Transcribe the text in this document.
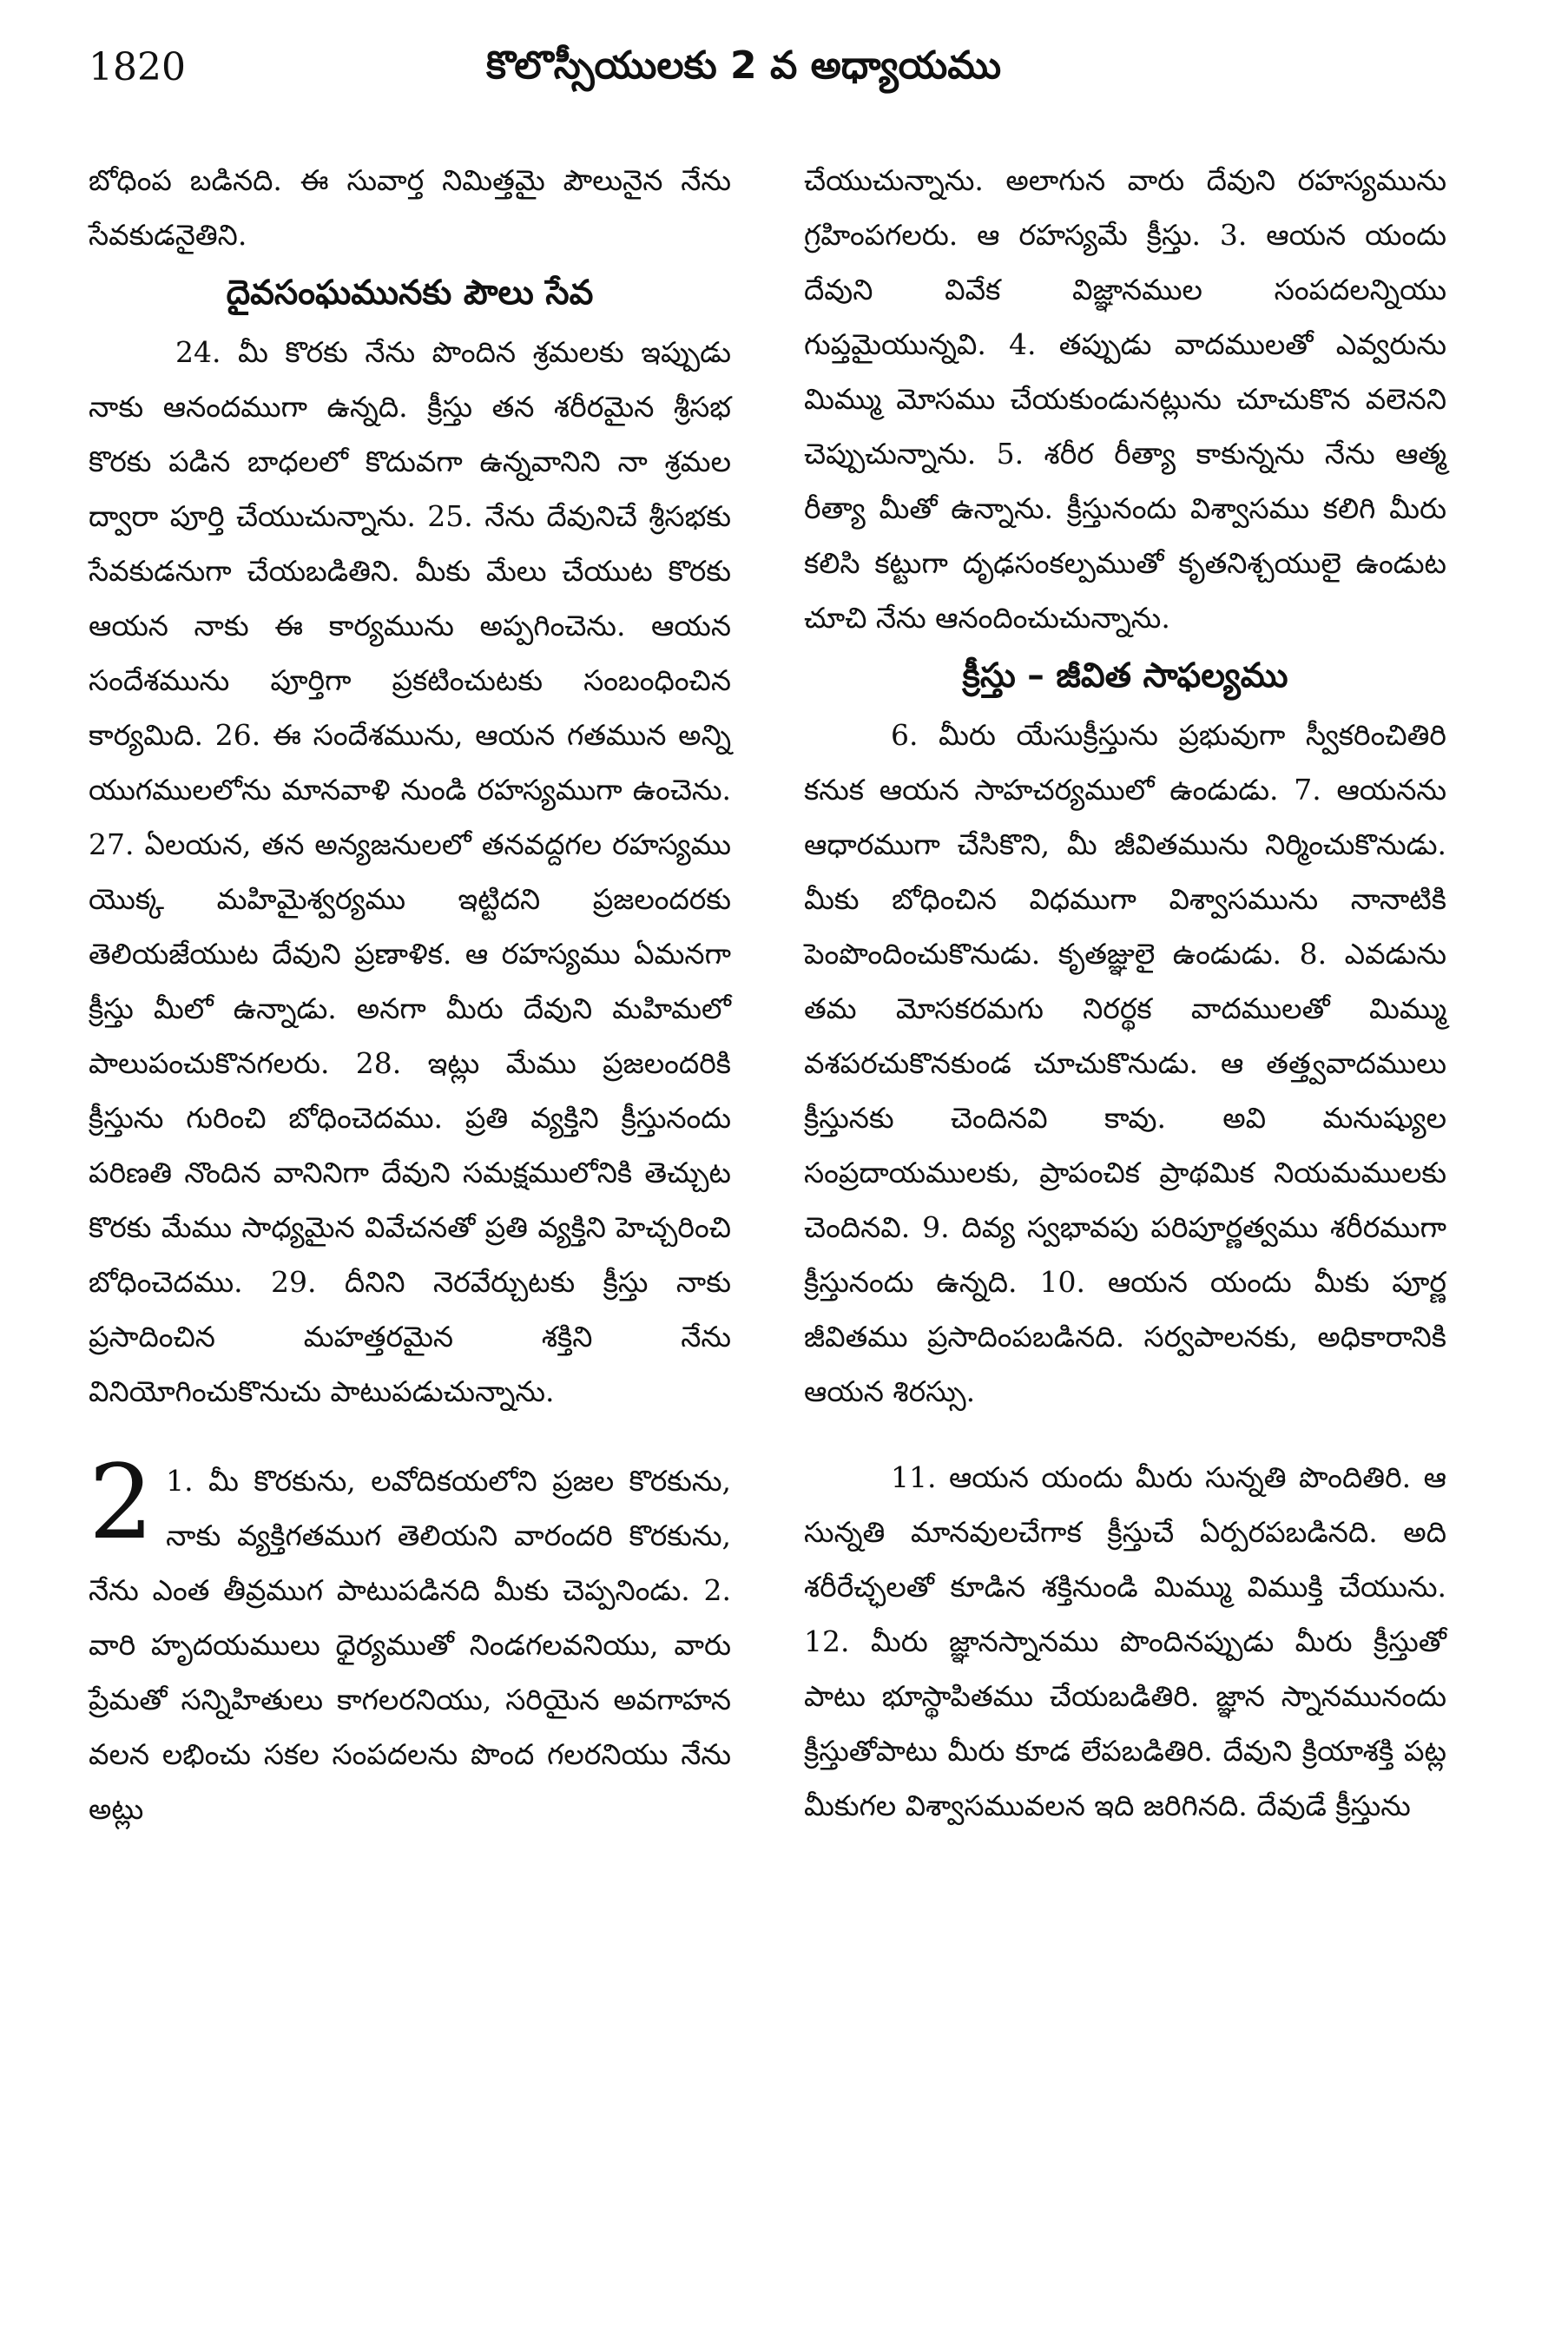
1820	కొలొస్సీయులకు 2 వ అధ్యాయము

బోధింప బడినది. ఈ సువార్త నిమిత్తమై పౌలునైన నేను సేవకుడనైతిని.

దైవసంఘమునకు పౌలు సేవ

24. మీ కొరకు నేను పొందిన శ్రమలకు ఇప్పుడు నాకు ఆనందముగా ఉన్నది. క్రీస్తు తన శరీరమైన శ్రీసభ కొరకు పడిన బాధలలో కొదువగా ఉన్నవానిని నా శ్రమల ద్వారా పూర్తి చేయుచున్నాను. 25. నేను దేవునిచే శ్రీసభకు సేవకుడనుగా చేయబడితిని. మీకు మేలు చేయుట కొరకు ఆయన నాకు ఈ కార్యమును అప్పగించెను. ఆయన సందేశమును పూర్తిగా ప్రకటించుటకు సంబంధించిన కార్యమిది. 26. ఈ సందేశమును, ఆయన గతమున అన్ని యుగములలోను మానవాళి నుండి రహస్యముగా ఉంచెను. 27. ఏలయన, తన అన్యజనులలో తనవద్దగల రహస్యము యొక్క మహిమైశ్వర్యము ఇట్టిదని ప్రజలందరకు తెలియజేయుట దేవుని ప్రణాళిక. ఆ రహస్యము ఏమనగా క్రీస్తు మీలో ఉన్నాడు. అనగా మీరు దేవుని మహిమలో పాలుపంచుకొనగలరు. 28. ఇట్లు మేము ప్రజలందరికి క్రీస్తును గురించి బోధించెదము. ప్రతి వ్యక్తిని క్రీస్తునందు పరిణతి నొందిన వానినిగా దేవుని సమక్షములోనికి తెచ్చుట కొరకు మేము సాధ్యమైన వివేచనతో ప్రతి వ్యక్తిని హెచ్చరించి బోధించెదము. 29. దీనిని నెరవేర్చుటకు క్రీస్తు నాకు ప్రసాదించిన మహత్తరమైన శక్తిని నేను వినియోగించుకొనుచు పాటుపడుచున్నాను.

2 1. మీ కొరకును, లవోదికయలోని ప్రజల కొరకును, నాకు వ్యక్తిగతముగ తెలియని వారందరి కొరకును, నేను ఎంత తీవ్రముగ పాటుపడినది మీకు చెప్పనిండు. 2. వారి హృదయములు ధైర్యముతో నిండగలవనియు, వారు ప్రేమతో సన్నిహితులు కాగలరనియు, సరియైన అవగాహన వలన లభించు సకల సంపదలను పొంద గలరనియు నేను అట్లు

చేయుచున్నాను. అలాగున వారు దేవుని రహస్యమును గ్రహింపగలరు. ఆ రహస్యమే క్రీస్తు. 3. ఆయన యందు దేవుని వివేక విజ్ఞానముల సంపదలన్నియు గుప్తమైయున్నవి. 4. తప్పుడు వాదములతో ఎవ్వరును మిమ్ము మోసము చేయకుండునట్లును చూచుకొన వలెనని చెప్పుచున్నాను. 5. శరీర రీత్యా కాకున్నను నేను ఆత్మ రీత్యా మీతో ఉన్నాను. క్రీస్తునందు విశ్వాసము కలిగి మీరు కలిసి కట్టుగా దృఢసంకల్పముతో కృతనిశ్చయులై ఉండుట చూచి నేను ఆనందించుచున్నాను.

క్రీస్తు – జీవిత సాఫల్యము

6. మీరు యేసుక్రీస్తును ప్రభువుగా స్వీకరించితిరి కనుక ఆయన సాహచర్యములో ఉండుడు. 7. ఆయనను ఆధారముగా చేసికొని, మీ జీవితమును నిర్మించుకొనుడు. మీకు బోధించిన విధముగా విశ్వాసమును నానాటికి పెంపొందించుకొనుడు. కృతజ్ఞులై ఉండుడు. 8. ఎవడును తమ మోసకరమగు నిరర్థక వాదములతో మిమ్ము వశపరచుకొనకుండ చూచుకొనుడు. ఆ తత్త్వవాదములు క్రీస్తునకు చెందినవి కావు. అవి మనుష్యుల సంప్రదాయములకు, ప్రాపంచిక ప్రాథమిక నియమములకు చెందినవి. 9. దివ్య స్వభావపు పరిపూర్ణత్వము శరీరముగా క్రీస్తునందు ఉన్నది. 10. ఆయన యందు మీకు పూర్ణ జీవితము ప్రసాదింపబడినది. సర్వపాలనకు, అధికారానికి ఆయన శిరస్సు.

11. ఆయన యందు మీరు సున్నతి పొందితిరి. ఆ సున్నతి మానవులచేగాక క్రీస్తుచే ఏర్పరపబడినది. అది శరీరేచ్ఛలతో కూడిన శక్తినుండి మిమ్ము విముక్తి చేయును. 12. మీరు జ్ఞానస్నానము పొందినప్పుడు మీరు క్రీస్తుతో పాటు భూస్థాపితము చేయబడితిరి. జ్ఞాన స్నానమునందు క్రీస్తుతోపాటు మీరు కూడ లేపబడితిరి. దేవుని క్రియాశక్తి పట్ల మీకుగల విశ్వాసమువలన ఇది జరిగినది. దేవుడే క్రీస్తును
